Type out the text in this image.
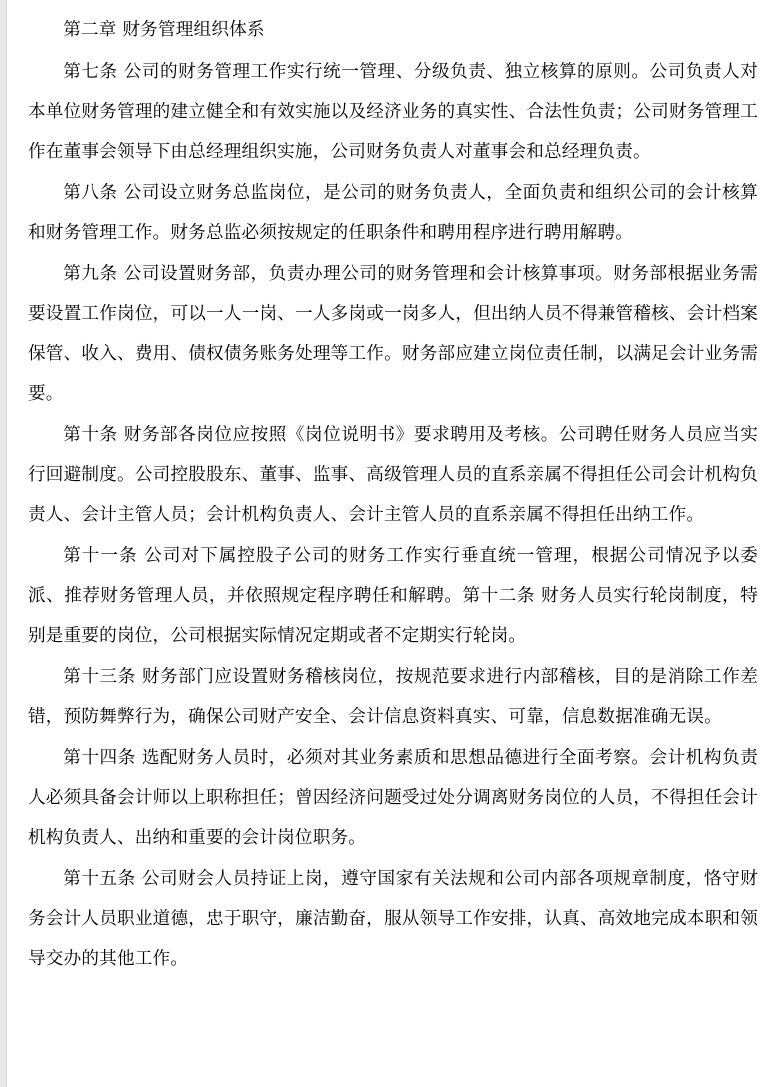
第二章 财务管理组织体系

第七条 公司的财务管理工作实行统一管理、分级负责、独立核算的原则。公司负责人对本单位财务管理的建立健全和有效实施以及经济业务的真实性、合法性负责；公司财务管理工作在董事会领导下由总经理组织实施，公司财务负责人对董事会和总经理负责。

第八条 公司设立财务总监岗位，是公司的财务负责人，全面负责和组织公司的会计核算和财务管理工作。财务总监必须按规定的任职条件和聘用程序进行聘用解聘。

第九条 公司设置财务部，负责办理公司的财务管理和会计核算事项。财务部根据业务需要设置工作岗位，可以一人一岗、一人多岗或一岗多人，但出纳人员不得兼管稽核、会计档案保管、收入、费用、债权债务账务处理等工作。财务部应建立岗位责任制，以满足会计业务需要。

第十条 财务部各岗位应按照《岗位说明书》要求聘用及考核。公司聘任财务人员应当实行回避制度。公司控股股东、董事、监事、高级管理人员的直系亲属不得担任公司会计机构负责人、会计主管人员；会计机构负责人、会计主管人员的直系亲属不得担任出纳工作。

第十一条 公司对下属控股子公司的财务工作实行垂直统一管理，根据公司情况予以委派、推荐财务管理人员，并依照规定程序聘任和解聘。第十二条 财务人员实行轮岗制度，特别是重要的岗位，公司根据实际情况定期或者不定期实行轮岗。

第十三条 财务部门应设置财务稽核岗位，按规范要求进行内部稽核，目的是消除工作差错，预防舞弊行为，确保公司财产安全、会计信息资料真实、可靠，信息数据准确无误。

第十四条 选配财务人员时，必须对其业务素质和思想品德进行全面考察。会计机构负责人必须具备会计师以上职称担任；曾因经济问题受过处分调离财务岗位的人员，不得担任会计机构负责人、出纳和重要的会计岗位职务。

第十五条 公司财会人员持证上岗，遵守国家有关法规和公司内部各项规章制度，恪守财务会计人员职业道德，忠于职守，廉洁勤奋，服从领导工作安排，认真、高效地完成本职和领导交办的其他工作。
